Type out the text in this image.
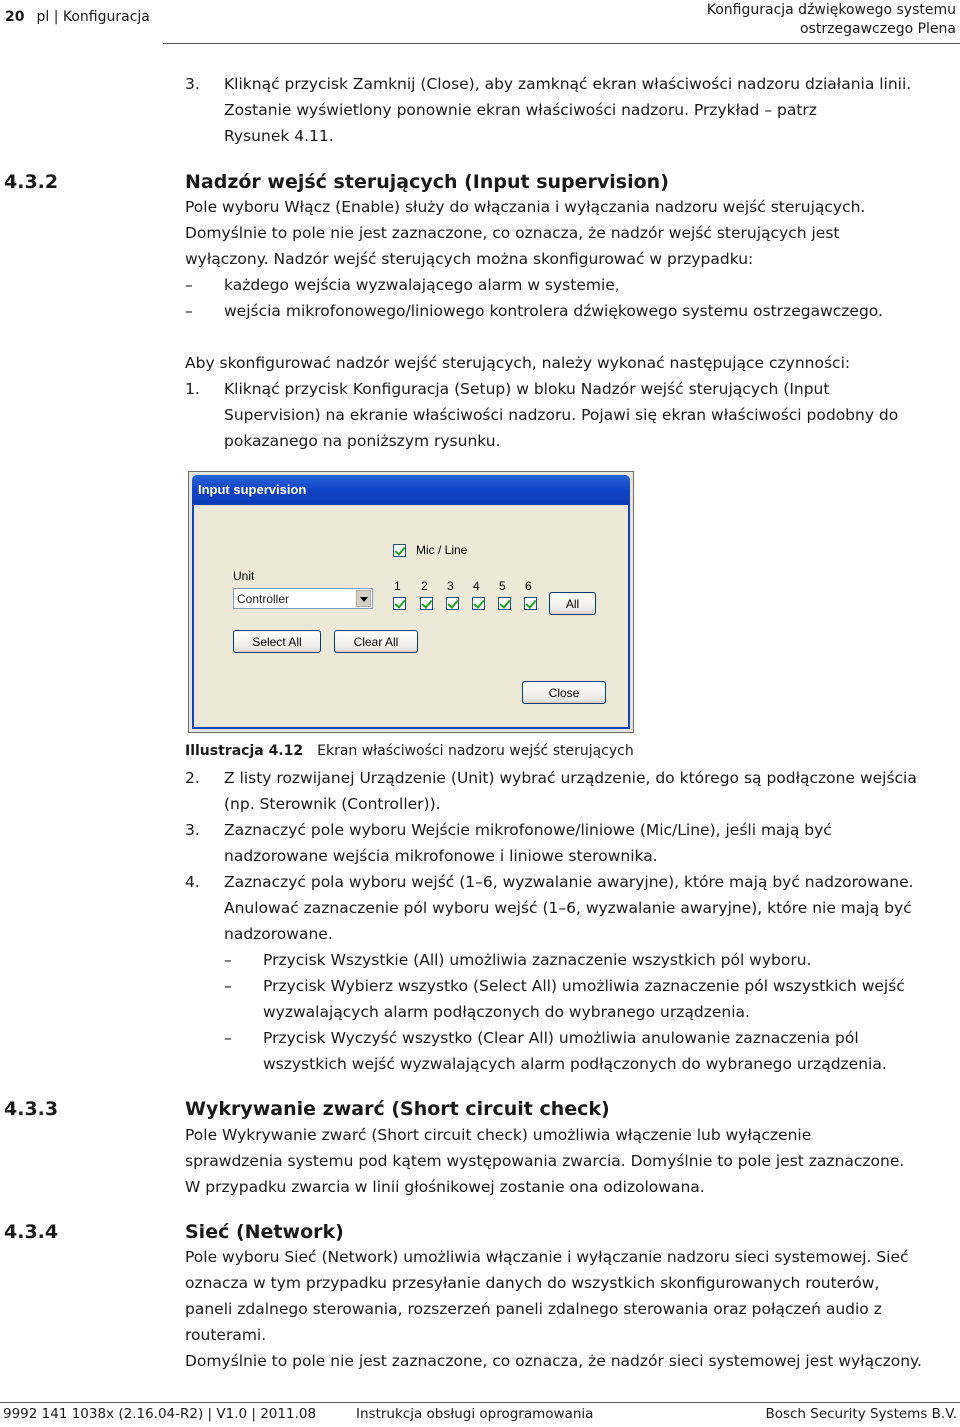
20 pl | Konfiguracja	Konfiguracja dźwiękowego systemu
ostrzegawczego Plena
3. Kliknąć przycisk Zamknij (Close), aby zamknąć ekran właściwości nadzoru działania linii.
Zostanie wyświetlony ponownie ekran właściwości nadzoru. Przykład – patrz
Rysunek 4.11.
4.3.2	Nadzór wejść sterujących (Input supervision)
Pole wyboru Włącz (Enable) służy do włączania i wyłączania nadzoru wejść sterujących.
Domyślnie to pole nie jest zaznaczone, co oznacza, że nadzór wejść sterujących jest
wyłączony. Nadzór wejść sterujących można skonfigurować w przypadku:
– każdego wejścia wyzwalającego alarm w systemie,
– wejścia mikrofonowego/liniowego kontrolera dźwiękowego systemu ostrzegawczego.
Aby skonfigurować nadzór wejść sterujących, należy wykonać następujące czynności:
1. Kliknąć przycisk Konfiguracja (Setup) w bloku Nadzór wejść sterujących (Input
Supervision) na ekranie właściwości nadzoru. Pojawi się ekran właściwości podobny do
pokazanego na poniższym rysunku.
Input supervision
Mic / Line
Unit
Controller
1 2 3 4 5 6
All
Select All	Clear All
Close
Illustracja 4.12 Ekran właściwości nadzoru wejść sterujących
2. Z listy rozwijanej Urządzenie (Unit) wybrać urządzenie, do którego są podłączone wejścia
(np. Sterownik (Controller)).
3. Zaznaczyć pole wyboru Wejście mikrofonowe/liniowe (Mic/Line), jeśli mają być
nadzorowane wejścia mikrofonowe i liniowe sterownika.
4. Zaznaczyć pola wyboru wejść (1–6, wyzwalanie awaryjne), które mają być nadzorowane.
Anulować zaznaczenie pól wyboru wejść (1–6, wyzwalanie awaryjne), które nie mają być
nadzorowane.
– Przycisk Wszystkie (All) umożliwia zaznaczenie wszystkich pól wyboru.
– Przycisk Wybierz wszystko (Select All) umożliwia zaznaczenie pól wszystkich wejść
wyzwalających alarm podłączonych do wybranego urządzenia.
– Przycisk Wyczyść wszystko (Clear All) umożliwia anulowanie zaznaczenia pól
wszystkich wejść wyzwalających alarm podłączonych do wybranego urządzenia.
4.3.3	Wykrywanie zwarć (Short circuit check)
Pole Wykrywanie zwarć (Short circuit check) umożliwia włączenie lub wyłączenie
sprawdzenia systemu pod kątem występowania zwarcia. Domyślnie to pole jest zaznaczone.
W przypadku zwarcia w linii głośnikowej zostanie ona odizolowana.
4.3.4	Sieć (Network)
Pole wyboru Sieć (Network) umożliwia włączanie i wyłączanie nadzoru sieci systemowej. Sieć
oznacza w tym przypadku przesyłanie danych do wszystkich skonfigurowanych routerów,
paneli zdalnego sterowania, rozszerzeń paneli zdalnego sterowania oraz połączeń audio z
routerami.
Domyślnie to pole nie jest zaznaczone, co oznacza, że nadzór sieci systemowej jest wyłączony.
9992 141 1038x (2.16.04-R2) | V1.0 | 2011.08	Instrukcja obsługi oprogramowania	Bosch Security Systems B.V.
